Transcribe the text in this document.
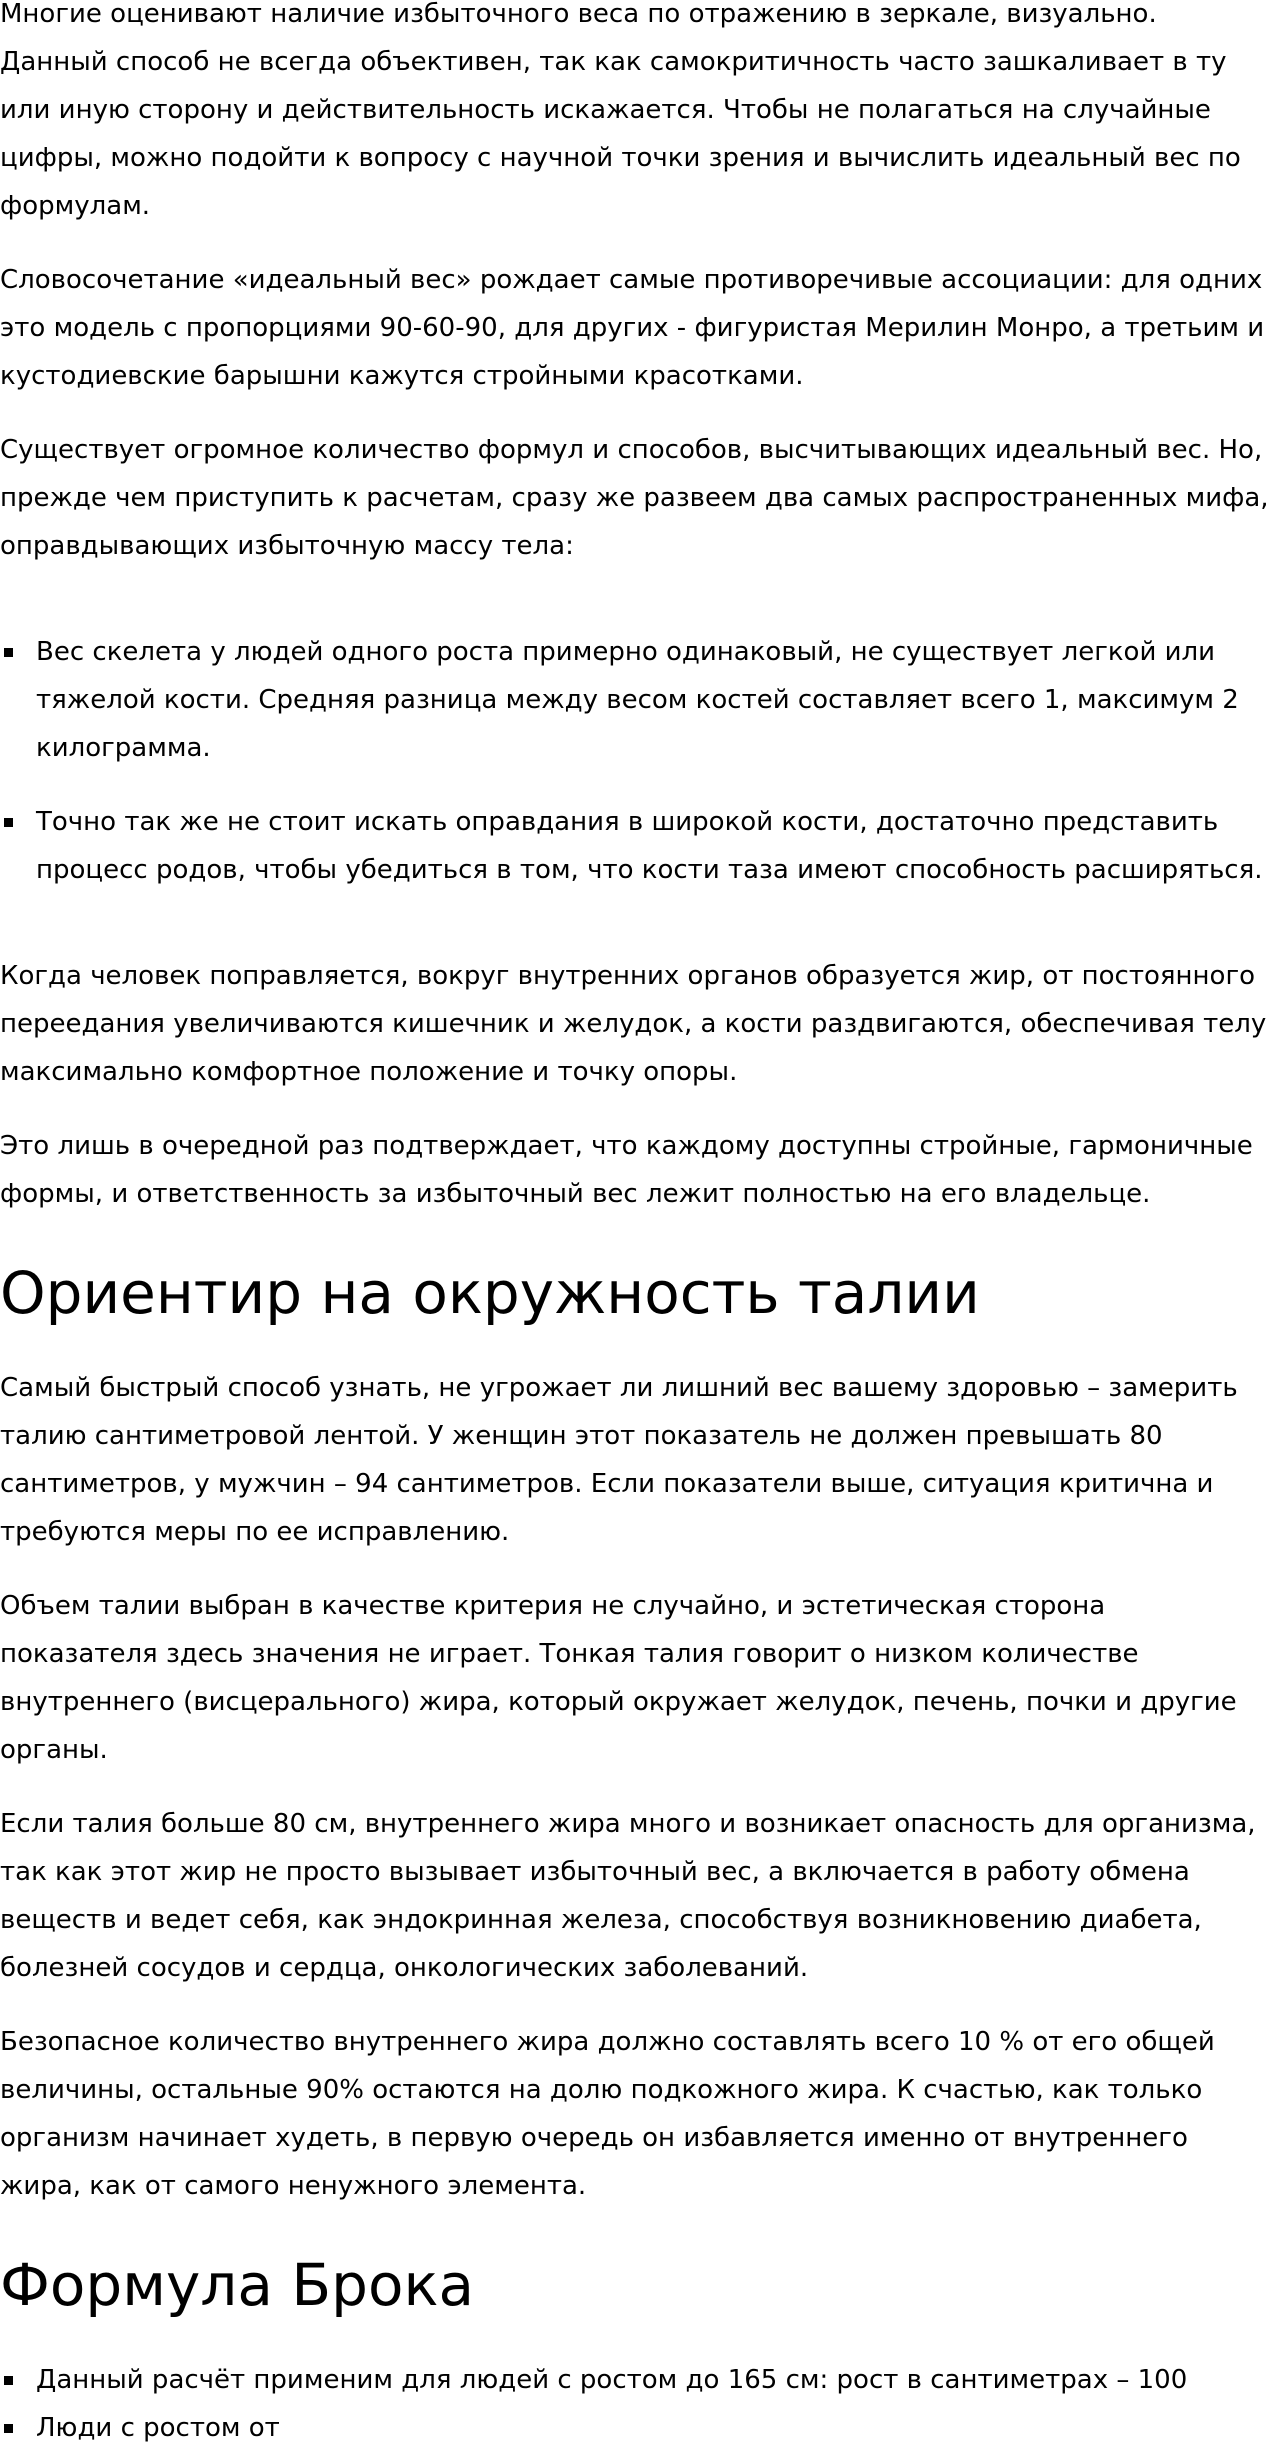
Многие оценивают наличие избыточного веса по отражению в зеркале, визуально. Данный способ не всегда объективен, так как самокритичность часто зашкаливает в ту или иную сторону и действительность искажается. Чтобы не полагаться на случайные цифры, можно подойти к вопросу с научной точки зрения и вычислить идеальный вес по формулам.

Словосочетание «идеальный вес» рождает самые противоречивые ассоциации: для одних это модель с пропорциями 90-60-90, для других - фигуристая Мерилин Монро, а третьим и кустодиевские барышни кажутся стройными красотками.

Существует огромное количество формул и способов, высчитывающих идеальный вес. Но, прежде чем приступить к расчетам, сразу же развеем два самых распространенных мифа, оправдывающих избыточную массу тела:

Вес скелета у людей одного роста примерно одинаковый, не существует легкой или тяжелой кости. Средняя разница между весом костей составляет всего 1, максимум 2 килограмма.
Точно так же не стоит искать оправдания в широкой кости, достаточно представить процесс родов, чтобы убедиться в том, что кости таза имеют способность расширяться.

Когда человек поправляется, вокруг внутренних органов образуется жир, от постоянного переедания увеличиваются кишечник и желудок, а кости раздвигаются, обеспечивая телу максимально комфортное положение и точку опоры.

Это лишь в очередной раз подтверждает, что каждому доступны стройные, гармоничные формы, и ответственность за избыточный вес лежит полностью на его владельце.

Ориентир на окружность талии

Самый быстрый способ узнать, не угрожает ли лишний вес вашему здоровью – замерить талию сантиметровой лентой. У женщин этот показатель не должен превышать 80 сантиметров, у мужчин – 94 сантиметров. Если показатели выше, ситуация критична и требуются меры по ее исправлению.

Объем талии выбран в качестве критерия не случайно, и эстетическая сторона показателя здесь значения не играет. Тонкая талия говорит о низком количестве внутреннего (висцерального) жира, который окружает желудок, печень, почки и другие органы.

Если талия больше 80 см, внутреннего жира много и возникает опасность для организма, так как этот жир не просто вызывает избыточный вес, а включается в работу обмена веществ и ведет себя, как эндокринная железа, способствуя возникновению диабета, болезней сосудов и сердца, онкологических заболеваний.

Безопасное количество внутреннего жира должно составлять всего 10 % от его общей величины, остальные 90% остаются на долю подкожного жира. К счастью, как только организм начинает худеть, в первую очередь он избавляется именно от внутреннего жира, как от самого ненужного элемента.

Формула Брока
Данный расчёт применим для людей с ростом до 165 см: рост в сантиметрах – 100
Люди с ростом от
